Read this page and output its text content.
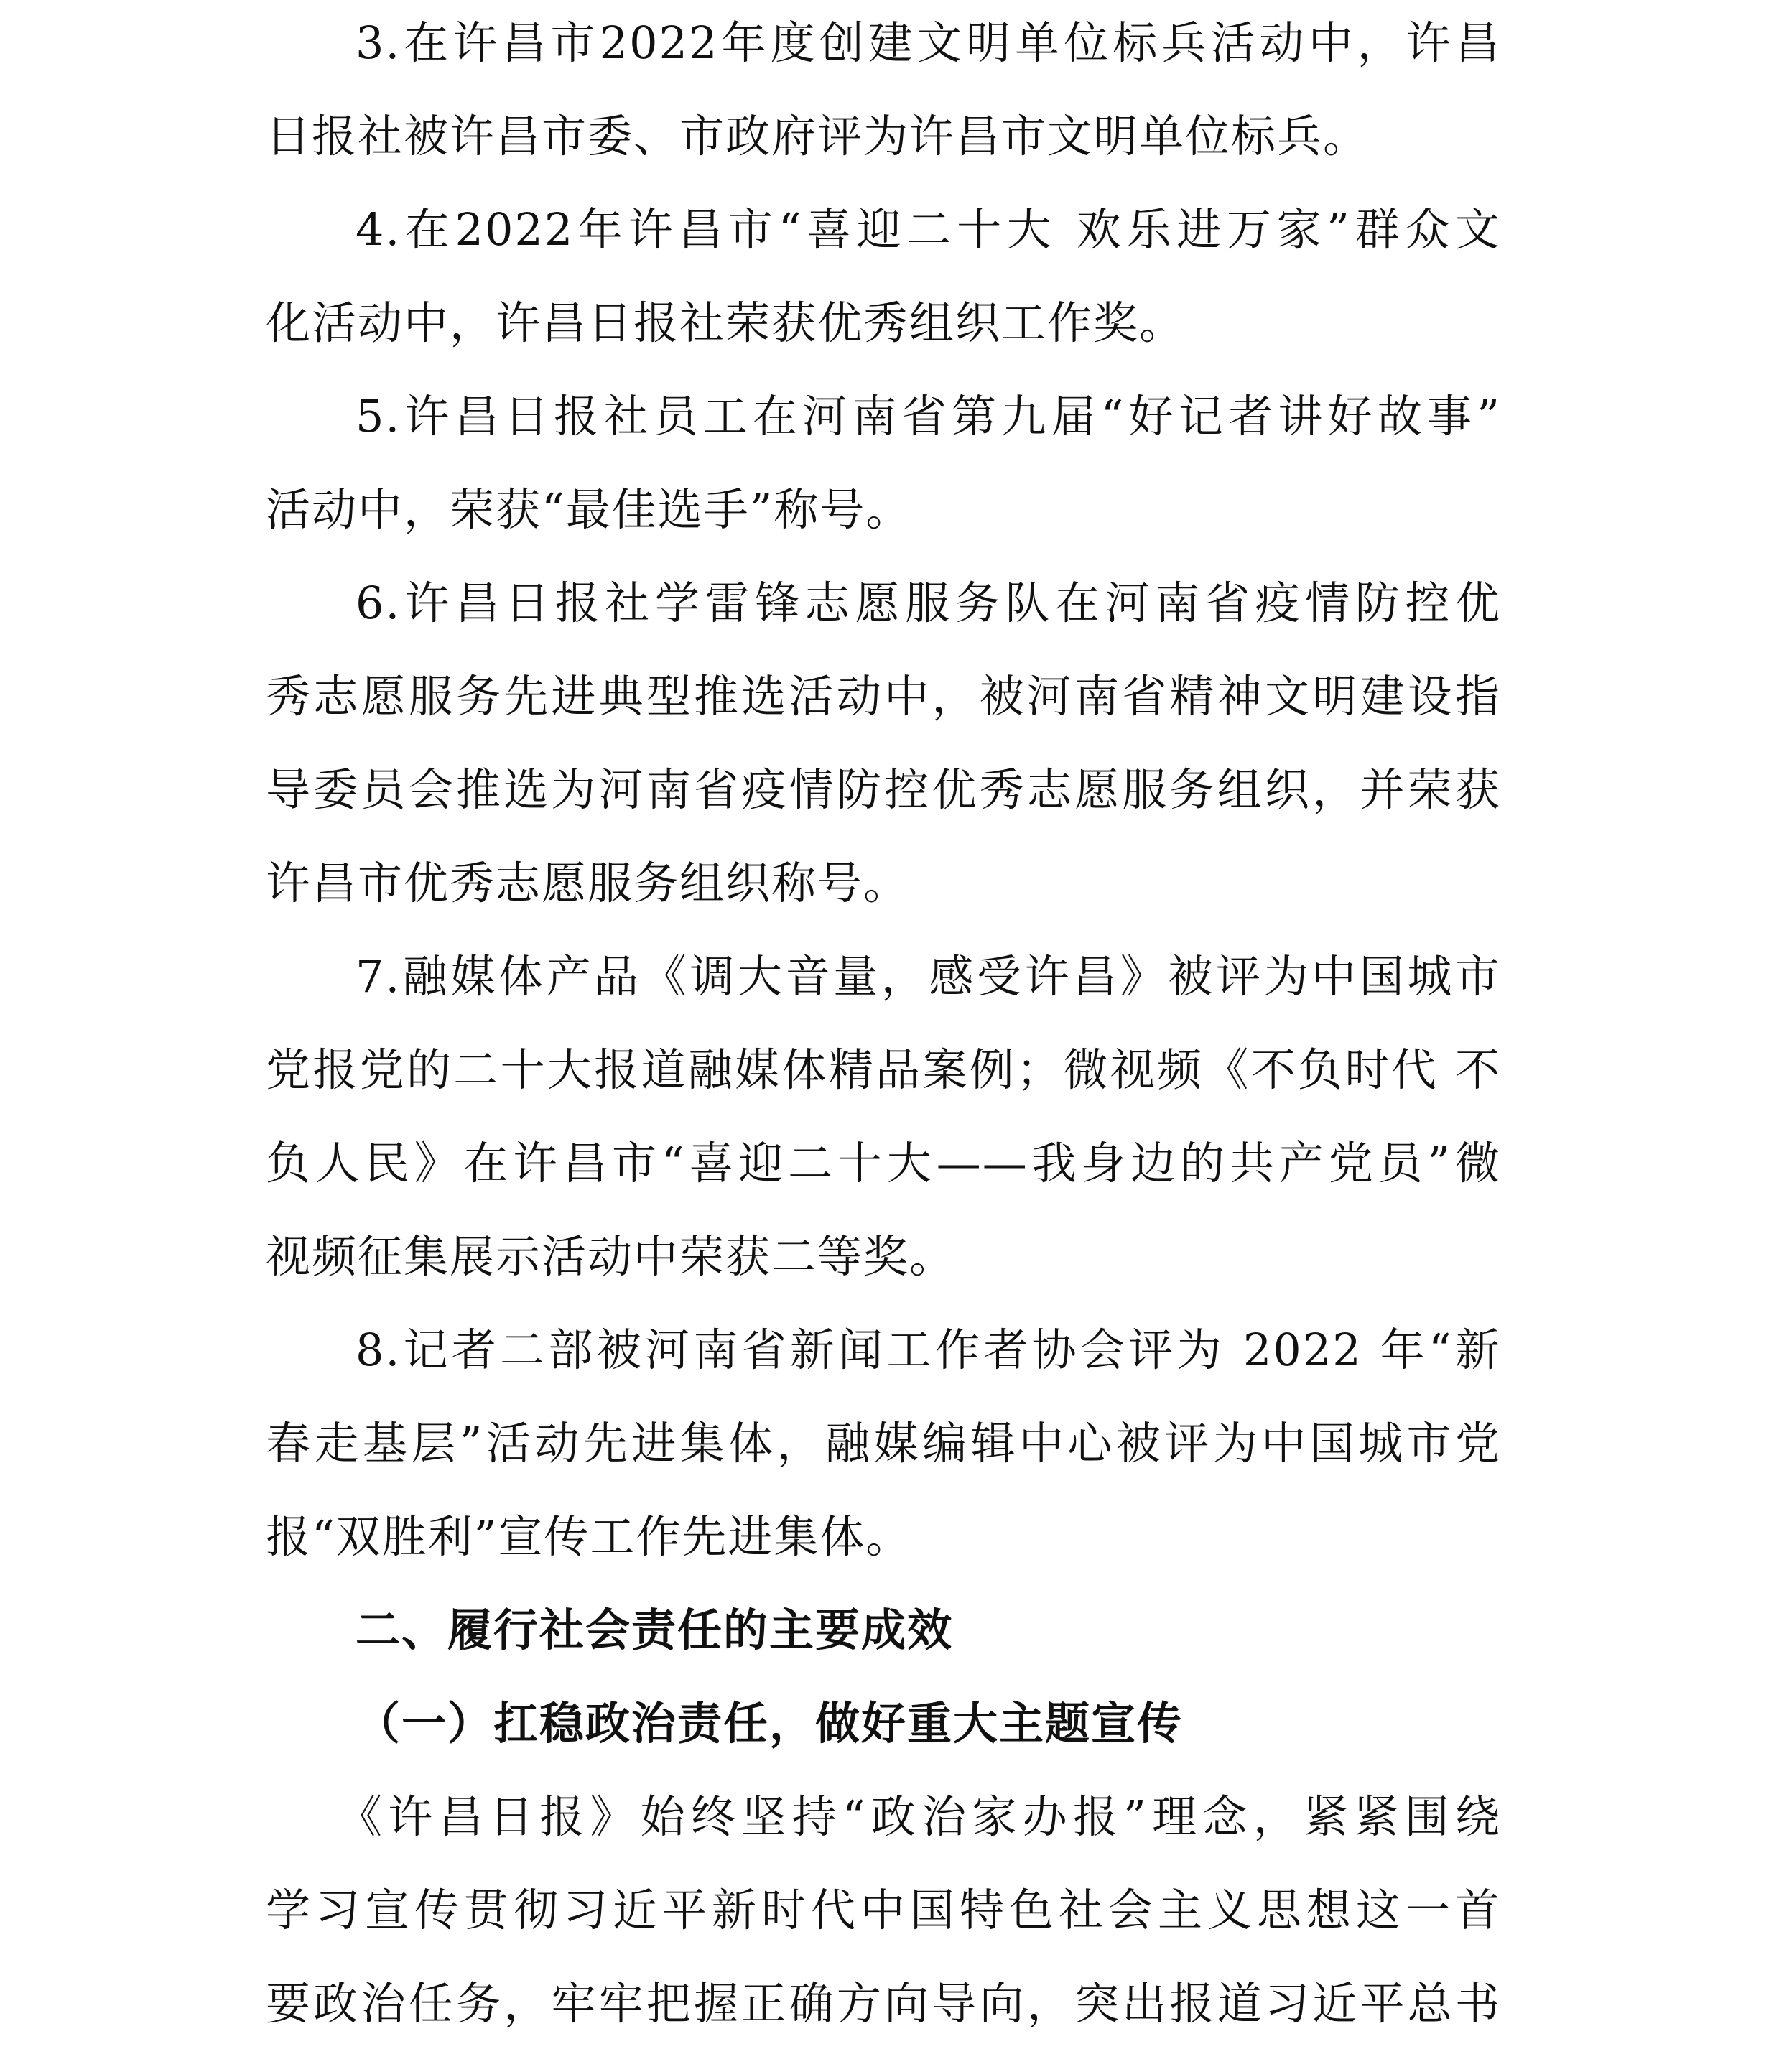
3.在许昌市2022年度创建文明单位标兵活动中，许昌
日报社被许昌市委、市政府评为许昌市文明单位标兵。
4.在2022年许昌市“喜迎二十大 欢乐进万家”群众文
化活动中，许昌日报社荣获优秀组织工作奖。
5.许昌日报社员工在河南省第九届“好记者讲好故事”
活动中，荣获“最佳选手”称号。
6.许昌日报社学雷锋志愿服务队在河南省疫情防控优
秀志愿服务先进典型推选活动中，被河南省精神文明建设指
导委员会推选为河南省疫情防控优秀志愿服务组织，并荣获
许昌市优秀志愿服务组织称号。
7.融媒体产品《调大音量，感受许昌》被评为中国城市
党报党的二十大报道融媒体精品案例；微视频《不负时代 不
负人民》在许昌市“喜迎二十大——我身边的共产党员”微
视频征集展示活动中荣获二等奖。
8.记者二部被河南省新闻工作者协会评为 2022 年“新
春走基层”活动先进集体，融媒编辑中心被评为中国城市党
报“双胜利”宣传工作先进集体。
二、履行社会责任的主要成效
（一）扛稳政治责任，做好重大主题宣传
《许昌日报》始终坚持“政治家办报”理念，紧紧围绕
学习宣传贯彻习近平新时代中国特色社会主义思想这一首
要政治任务，牢牢把握正确方向导向，突出报道习近平总书
